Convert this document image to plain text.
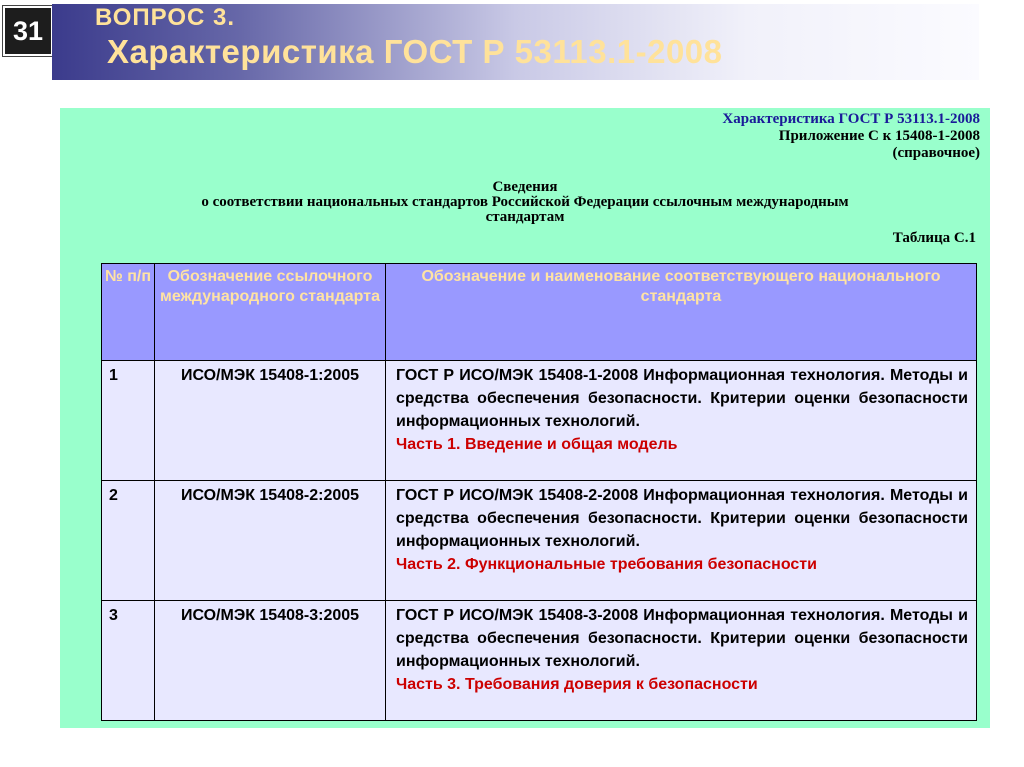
31	ВОПРОС 3.
Характеристика ГОСТ Р 53113.1-2008
Характеристика ГОСТ Р 53113.1-2008
Приложение С к 15408-1-2008
(справочное)
Сведения
о соответствии национальных стандартов Российской Федерации ссылочным международным
стандартам
Таблица С.1
№ п/п	Обозначение ссылочного международного стандарта	Обозначение и наименование соответствующего национального стандарта
1	ИСО/МЭК 15408-1:2005	ГОСТ Р ИСО/МЭК 15408-1-2008 Информационная технология. Методы и средства обеспечения безопасности. Критерии оценки безопасности информационных технологий.
Часть 1. Введение и общая модель

2	ИСО/МЭК 15408-2:2005	ГОСТ Р ИСО/МЭК 15408-2-2008 Информационная технология. Методы и средства обеспечения безопасности. Критерии оценки безопасности информационных технологий.
Часть 2. Функциональные требования безопасности

3	ИСО/МЭК 15408-3:2005	ГОСТ Р ИСО/МЭК 15408-3-2008 Информационная технология. Методы и средства обеспечения безопасности. Критерии оценки безопасности информационных технологий.
Часть 3. Требования доверия к безопасности
